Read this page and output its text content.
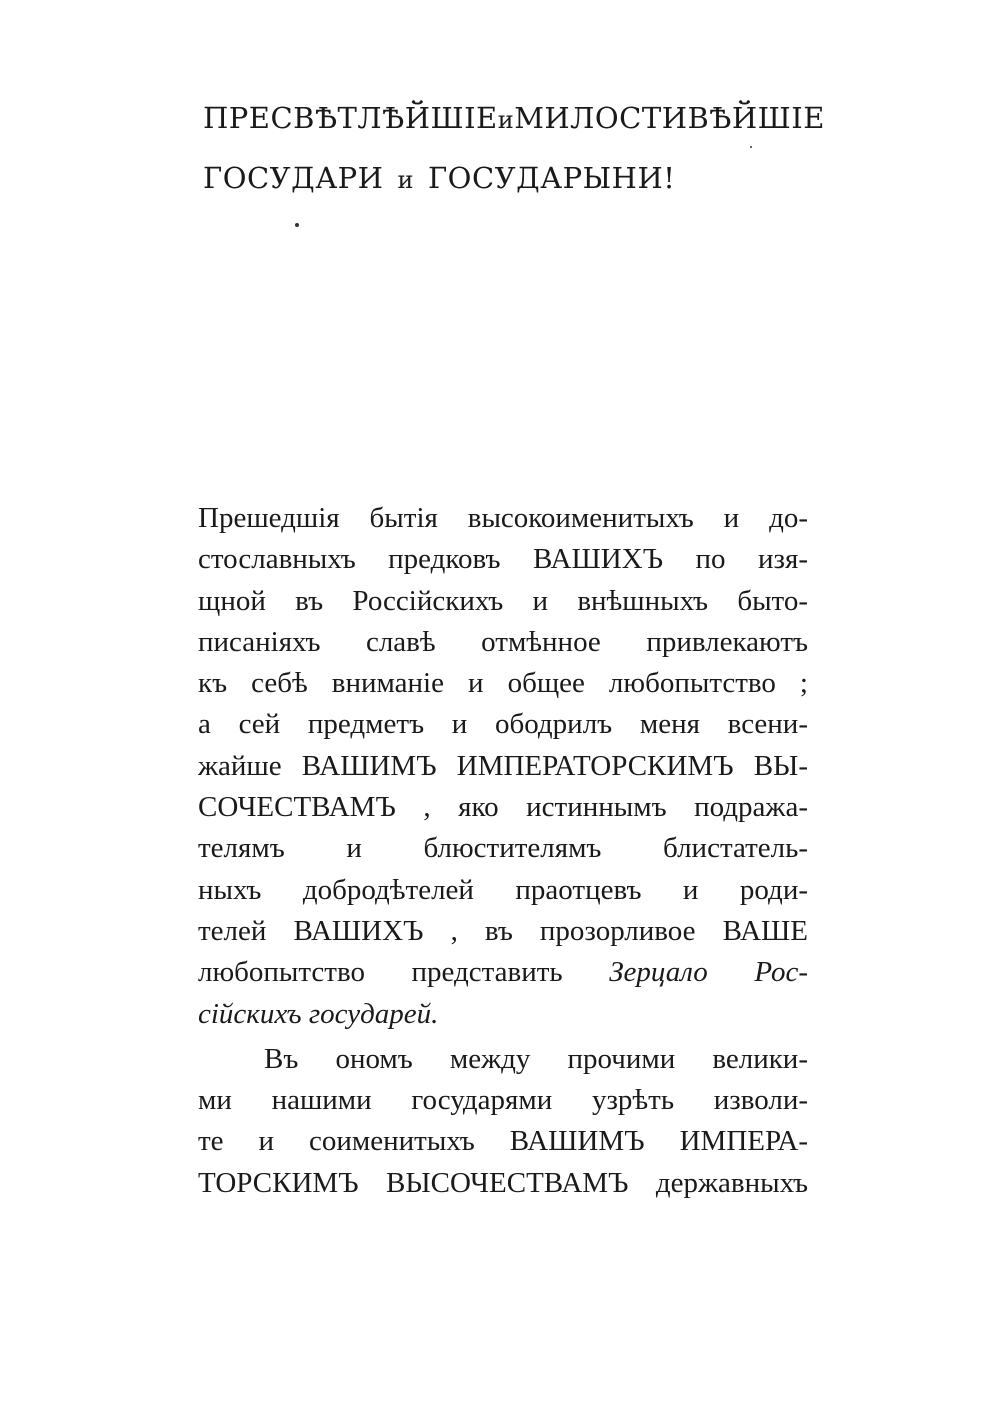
ПРЕСВѢТЛѢЙШІЕ и МИЛОСТИВѢЙШІЕ
ГОСУДАРИ и ГОСУДАРЫНИ!
Прешедшія бытія высокоименитыхъ и до-
стославныхъ предковъ ВАШИХЪ по изя-
щной въ Россійскихъ и внѣшныхъ быто-
писаніяхъ славѣ отмѣнное привлекаютъ
къ себѣ вниманіе и общее любопытство ;
а сей предметъ и ободрилъ меня всени-
жайше ВАШИМЪ ИМПЕРАТОРСКИМЪ ВЫ-
СОЧЕСТВАМЪ , яко истиннымъ подража-
телямъ и блюстителямъ блистатель-
ныхъ добродѣтелей праотцевъ и роди-
телей ВАШИХЪ , въ прозорливое ВАШЕ
любопытство представить Зерцало Рос-
сійскихъ государей.
Въ ономъ между прочими велики-
ми нашими государями узрѣть изволи-
те и соименитыхъ ВАШИМЪ ИМПЕРА-
ТОРСКИМЪ ВЫСОЧЕСТВАМЪ державныхъ
